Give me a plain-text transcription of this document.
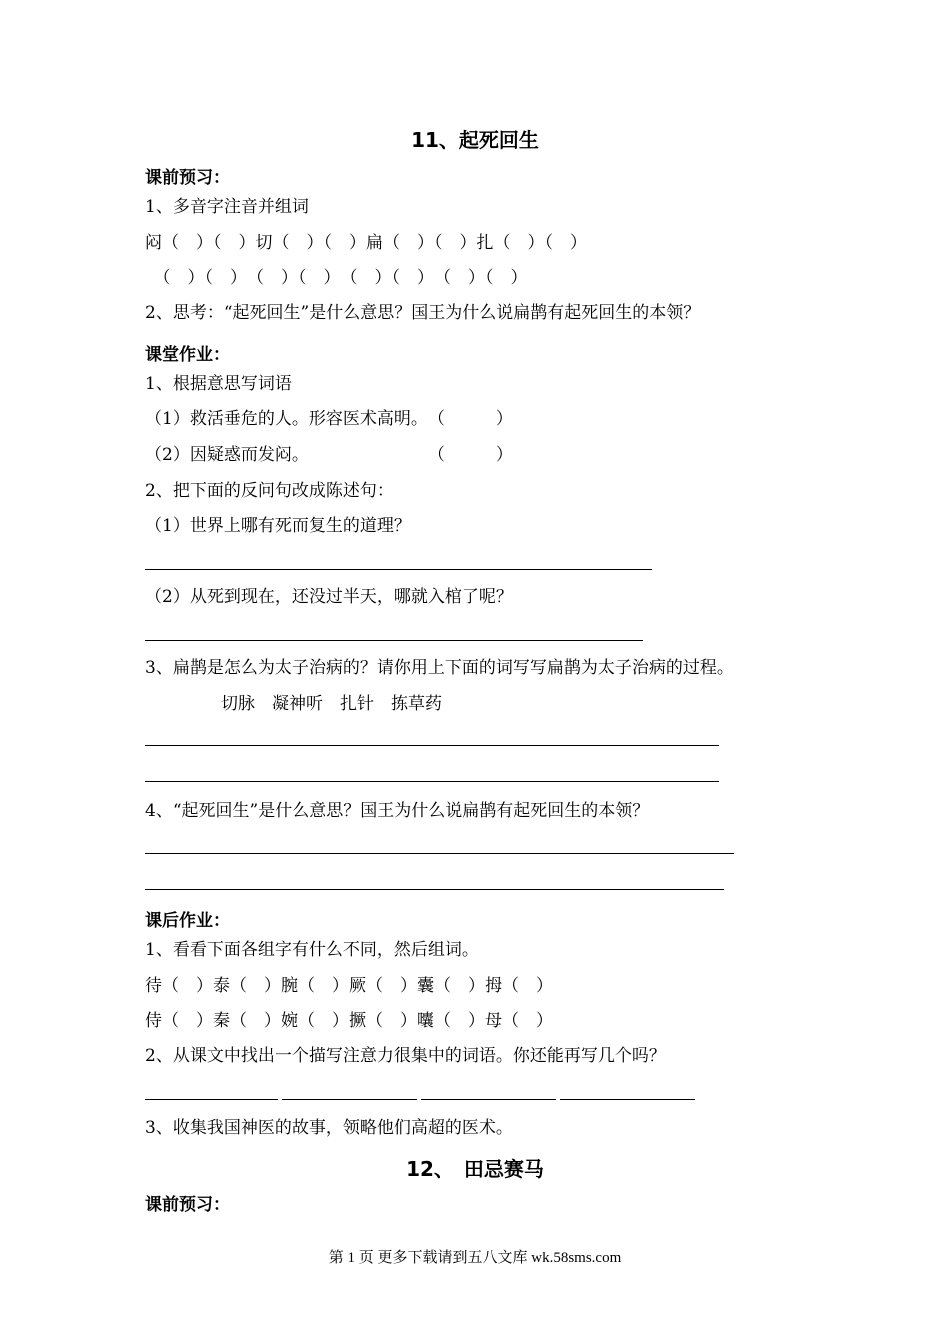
11、起死回生
课前预习：
1、多音字注音并组词
闷（　）（　）切（　）（　）扁（　）（　）扎（　）（　）
　（　）（　）　（　）（　）　（　）（　）　（　）（　）
2、思考：“起死回生”是什么意思？国王为什么说扁鹊有起死回生的本领？
课堂作业：
1、根据意思写词语
（1）救活垂危的人。形容医术高明。　（　　　）
（2）因疑惑而发闷。　　　　　　　　（　　　）
2、把下面的反问句改成陈述句：
（1）世界上哪有死而复生的道理？
（2）从死到现在，还没过半天，哪就入棺了呢？
3、扁鹊是怎么为太子治病的？请你用上下面的词写写扁鹊为太子治病的过程。
切脉　凝神听　扎针　拣草药
4、“起死回生”是什么意思？国王为什么说扁鹊有起死回生的本领？
课后作业：
1、看看下面各组字有什么不同，然后组词。
待（　）泰（　）腕（　）厥（　）囊（　）拇（　）
侍（　）秦（　）婉（　）撅（　）囔（　）母（　）
2、从课文中找出一个描写注意力很集中的词语。你还能再写几个吗？
3、收集我国神医的故事，领略他们高超的医术。
12、　田忌赛马
课前预习：
第 1 页 更多下载请到五八文库 wk.58sms.com
